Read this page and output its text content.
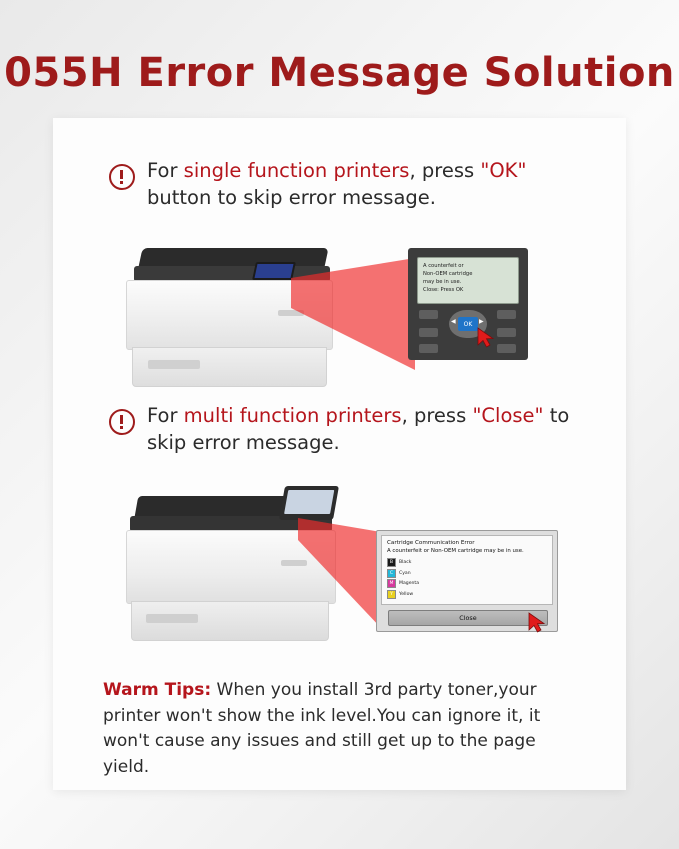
055H Error Message Solution
For single function printers, press "OK" button to skip error message.
A counterfeit or
Non-OEM cartridge
may be in use.
Close: Press OK
◀	▶
OK
For multi function printers, press "Close" to skip error message.
Cartridge Communication Error
A counterfeit or Non-OEM cartridge may be in use.
B	Black
C	Cyan
M	Magenta
Y	Yellow
Close
Warm Tips: When you install 3rd party toner,your printer won't show the ink level.You can ignore it, it won't cause any issues and still get up to the page yield.
